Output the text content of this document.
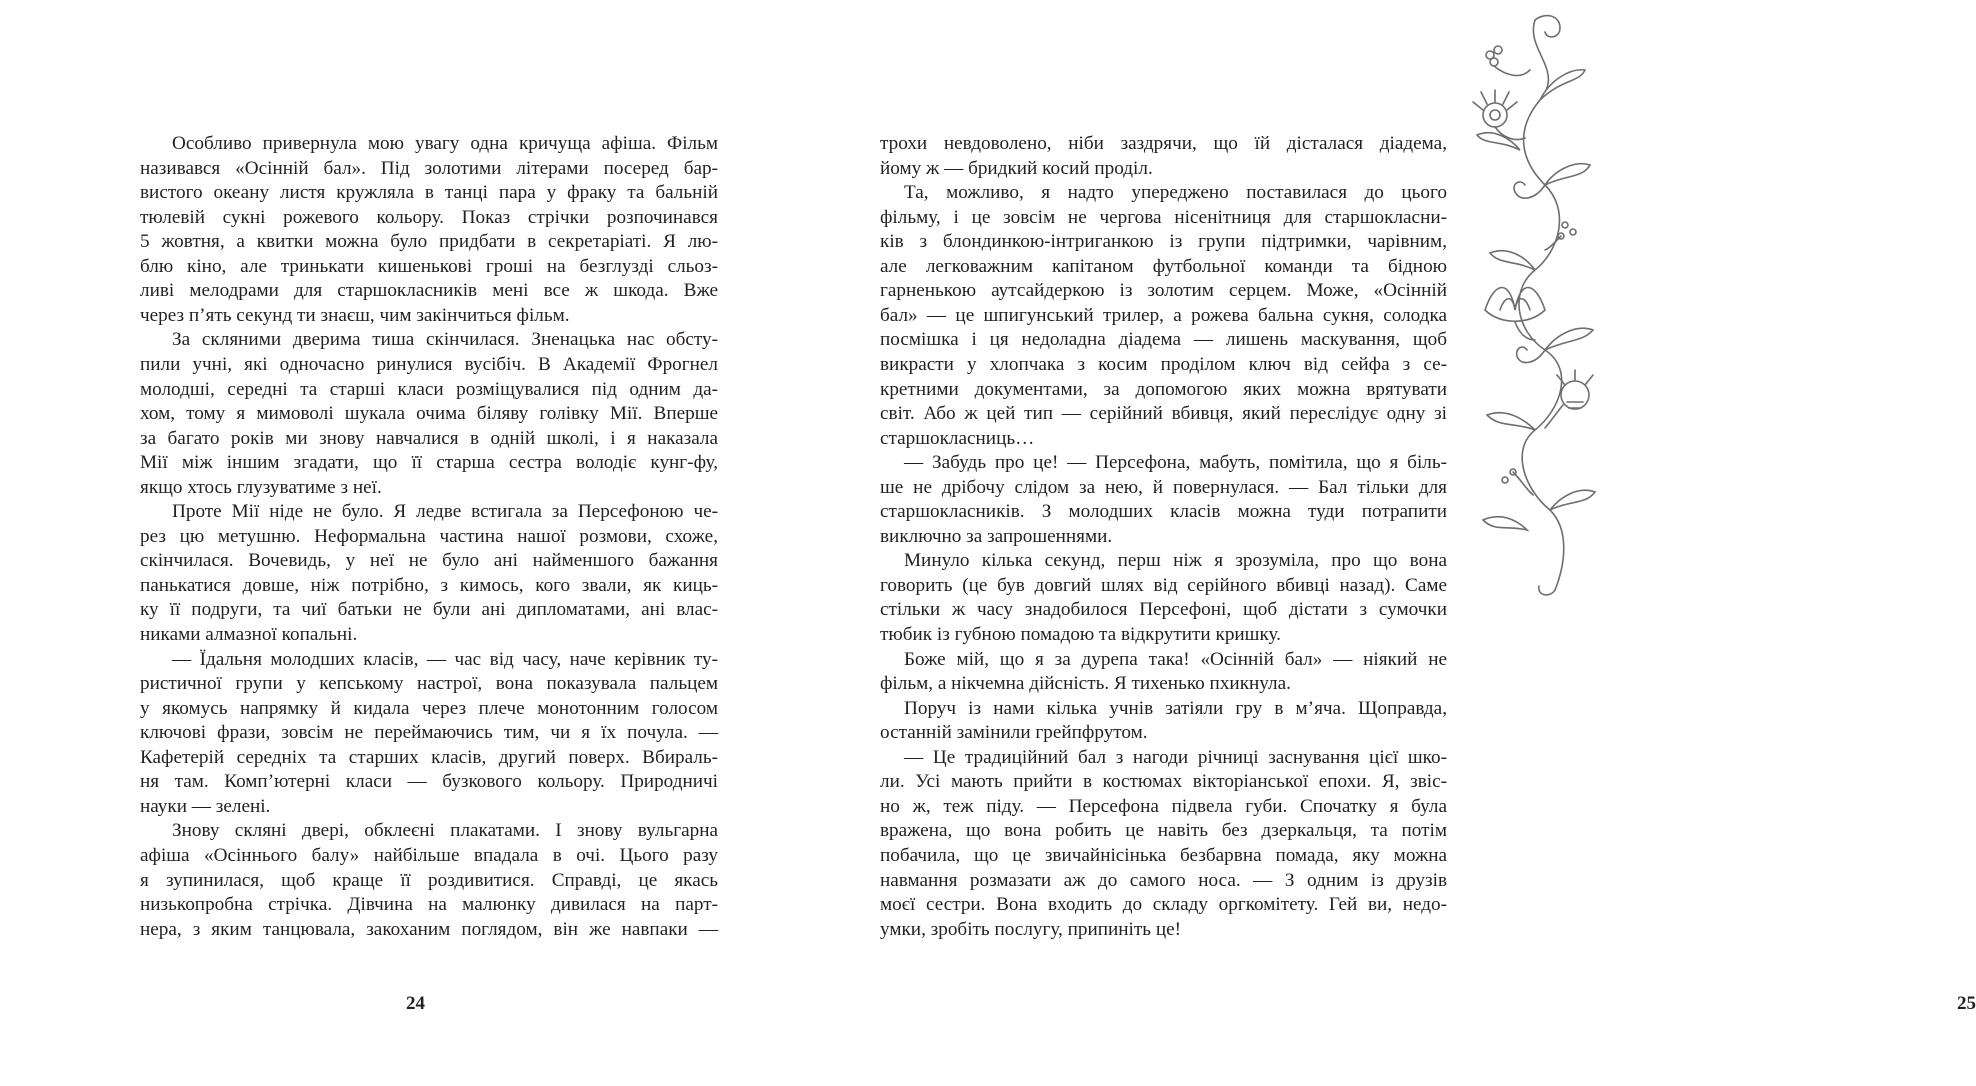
Особливо привернула мою увагу одна кричуща афіша. Фільм

називався «Осінній бал». Під золотими літерами посеред бар-

вистого океану листя кружляла в танці пара у фраку та бальній

тюлевій сукні рожевого кольору. Показ стрічки розпочинався

5 жовтня, а квитки можна було придбати в секретаріаті. Я лю-

блю кіно, але тринькати кишенькові гроші на безглузді сльоз-

ливі мелодрами для старшокласників мені все ж шкода. Вже

через п’ять секунд ти знаєш, чим закінчиться фільм.

За скляними дверима тиша скінчилася. Зненацька нас обсту-

пили учні, які одночасно ринулися вусібіч. В Академії Фрогнел

молодші, середні та старші класи розміщувалися під одним да-

хом, тому я мимоволі шукала очима біляву голівку Мії. Вперше

за багато років ми знову навчалися в одній школі, і я наказала

Мії між іншим згадати, що її старша сестра володіє кунг-фу,

якщо хтось глузуватиме з неї.

Проте Мії ніде не було. Я ледве встигала за Персефоною че-

рез цю метушню. Неформальна частина нашої розмови, схоже,

скінчилася. Вочевидь, у неї не було ані найменшого бажання

панькатися довше, ніж потрібно, з кимось, кого звали, як киць-

ку її подруги, та чиї батьки не були ані дипломатами, ані влас-

никами алмазної копальні.

— Їдальня молодших класів, — час від часу, наче керівник ту-

ристичної групи у кепському настрої, вона показувала пальцем

у якомусь напрямку й кидала через плече монотонним голосом

ключові фрази, зовсім не переймаючись тим, чи я їх почула. —

Кафетерій середніх та старших класів, другий поверх. Вбираль-

ня там. Комп’ютерні класи — бузкового кольору. Природничі

науки — зелені.

Знову скляні двері, обклеєні плакатами. І знову вульгарна

афіша «Осіннього балу» найбільше впадала в очі. Цього разу

я зупинилася, щоб краще її роздивитися. Справді, це якась

низькопробна стрічка. Дівчина на малюнку дивилася на парт-

нера, з яким танцювала, закоханим поглядом, він же навпаки —

24

трохи невдоволено, ніби заздрячи, що їй дісталася діадема,

йому ж — бридкий косий проділ.

Та, можливо, я надто упереджено поставилася до цього

фільму, і це зовсім не чергова нісенітниця для старшокласни-

ків з блондинкою-інтриганкою із групи підтримки, чарівним,

але легковажним капітаном футбольної команди та бідною

гарненькою аутсайдеркою із золотим серцем. Може, «Осінній

бал» — це шпигунський трилер, а рожева бальна сукня, солодка

посмішка і ця недоладна діадема — лишень маскування, щоб

викрасти у хлопчака з косим проділом ключ від сейфа з се-

кретними документами, за допомогою яких можна врятувати

світ. Або ж цей тип — серійний вбивця, який переслідує одну зі

старшокласниць…

— Забудь про це! — Персефона, мабуть, помітила, що я біль-

ше не дрібочу слідом за нею, й повернулася. — Бал тільки для

старшокласників. З молодших класів можна туди потрапити

виключно за запрошеннями.

Минуло кілька секунд, перш ніж я зрозуміла, про що вона

говорить (це був довгий шлях від серійного вбивці назад). Саме

стільки ж часу знадобилося Персефоні, щоб дістати з сумочки

тюбик із губною помадою та відкрутити кришку.

Боже мій, що я за дурепа така! «Осінній бал» — ніякий не

фільм, а нікчемна дійсність. Я тихенько пхикнула.

Поруч із нами кілька учнів затіяли гру в м’яча. Щоправда,

останній замінили грейпфрутом.

— Це традиційний бал з нагоди річниці заснування цієї шко-

ли. Усі мають прийти в костюмах вікторіанської епохи. Я, звіс-

но ж, теж піду. — Персефона підвела губи. Спочатку я була

вражена, що вона робить це навіть без дзеркальця, та потім

побачила, що це звичайнісінька безбарвна помада, яку можна

навмання розмазати аж до самого носа. — З одним із друзів

моєї сестри. Вона входить до складу оргкомітету. Гей ви, недо-

умки, зробіть послугу, припиніть це!

25
